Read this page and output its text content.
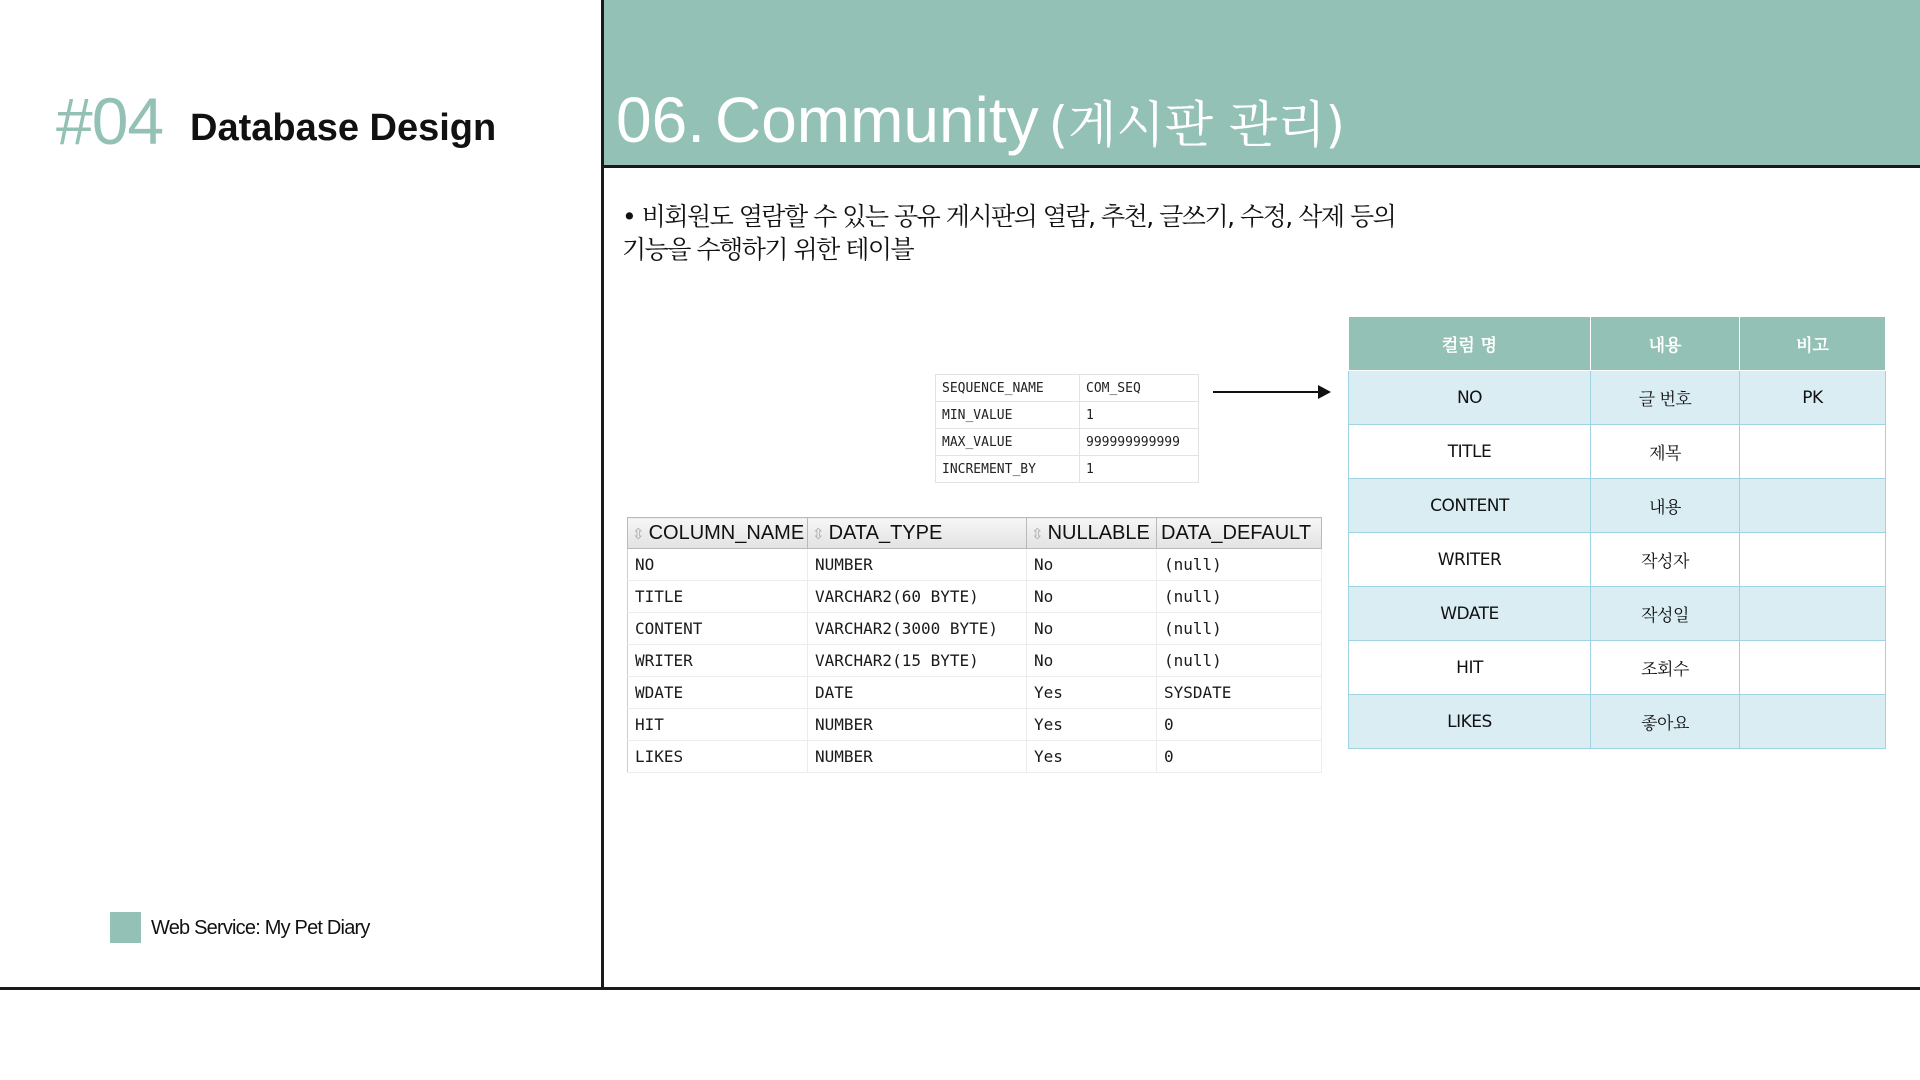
#04 Database Design
Web Service: My Pet Diary
06. Community (게시판 관리)
• 비회원도 열람할 수 있는 공유 게시판의 열람, 추천, 글쓰기, 수정, 삭제 등의
기능을 수행하기 위한 테이블
SEQUENCE_NAME	COM_SEQ
MIN_VALUE	1
MAX_VALUE	999999999999
INCREMENT_BY	1
⇳ COLUMN_NAME	⇳ DATA_TYPE	⇳ NULLABLE	DATA_DEFAULT
NO	NUMBER	No	(null)
TITLE	VARCHAR2(60 BYTE)	No	(null)
CONTENT	VARCHAR2(3000 BYTE)	No	(null)
WRITER	VARCHAR2(15 BYTE)	No	(null)
WDATE	DATE	Yes	SYSDATE
HIT	NUMBER	Yes	0
LIKES	NUMBER	Yes	0
컬럼 명	내용	비고
NO	글 번호	PK
TITLE	제목	
CONTENT	내용	
WRITER	작성자	
WDATE	작성일	
HIT	조회수	
LIKES	좋아요	
